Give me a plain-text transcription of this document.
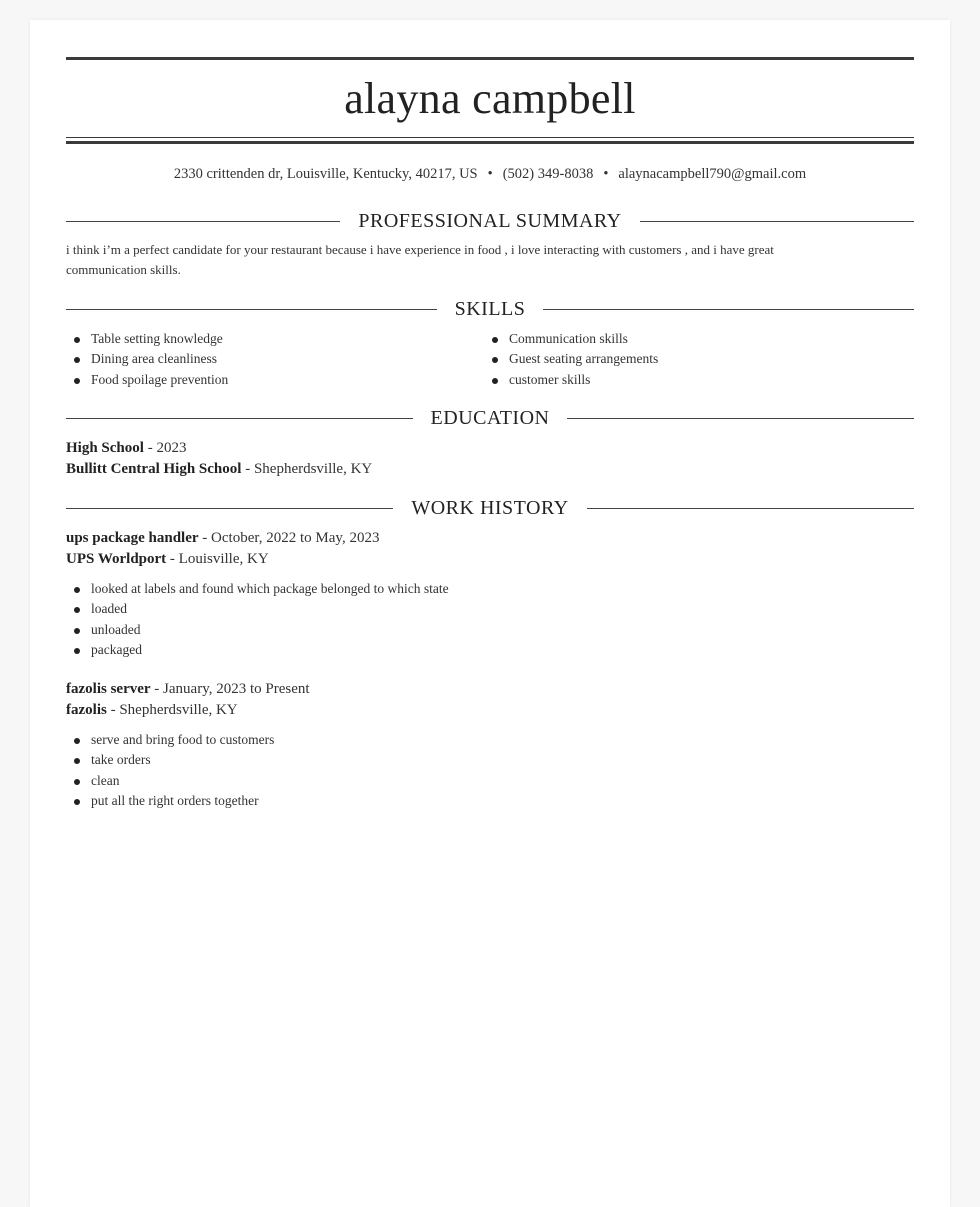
alayna campbell
2330 crittenden dr, Louisville, Kentucky, 40217, US • (502) 349-8038 • alaynacampbell790@gmail.com
PROFESSIONAL SUMMARY
i think i’m a perfect candidate for your restaurant because i have experience in food , i love interacting with customers , and i have great communication skills.
SKILLS
Table setting knowledge
Dining area cleanliness
Food spoilage prevention
Communication skills
Guest seating arrangements
customer skills
EDUCATION
High School - 2023
Bullitt Central High School - Shepherdsville, KY
WORK HISTORY
ups package handler - October, 2022 to May, 2023
UPS Worldport - Louisville, KY
looked at labels and found which package belonged to which state
loaded
unloaded
packaged
fazolis server - January, 2023 to Present
fazolis - Shepherdsville, KY
serve and bring food to customers
take orders
clean
put all the right orders together
